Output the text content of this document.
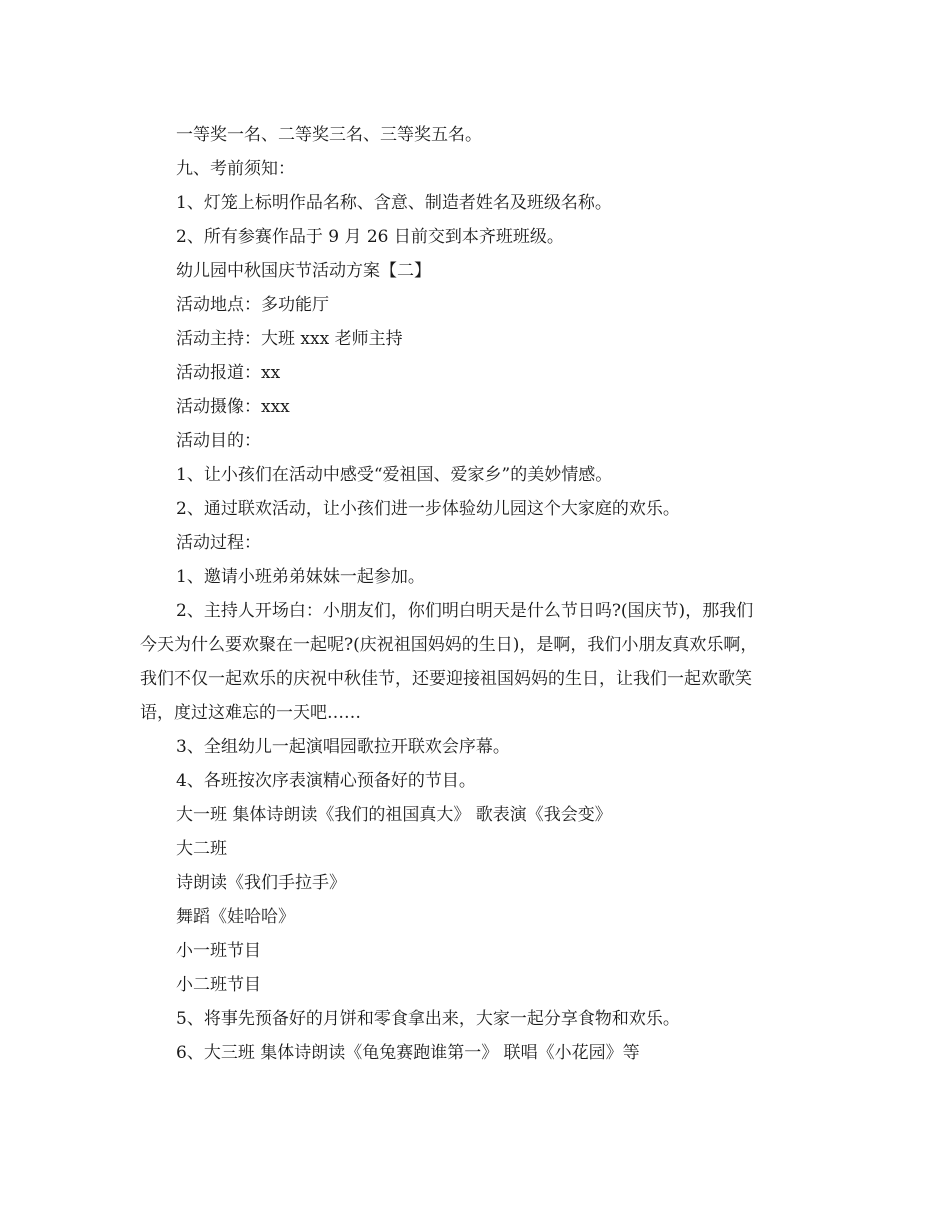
一等奖一名、二等奖三名、三等奖五名。

九、考前须知：

1、灯笼上标明作品名称、含意、制造者姓名及班级名称。

2、所有参赛作品于 9 月 26 日前交到本齐班班级。

幼儿园中秋国庆节活动方案【二】

活动地点：多功能厅

活动主持：大班 xxx 老师主持

活动报道：xx

活动摄像：xxx

活动目的：

1、让小孩们在活动中感受“爱祖国、爱家乡”的美妙情感。

2、通过联欢活动，让小孩们进一步体验幼儿园这个大家庭的欢乐。

活动过程：

1、邀请小班弟弟妹妹一起参加。

2、主持人开场白：小朋友们，你们明白明天是什么节日吗?(国庆节)，那我们

今天为什么要欢聚在一起呢?(庆祝祖国妈妈的生日)，是啊，我们小朋友真欢乐啊，

我们不仅一起欢乐的庆祝中秋佳节，还要迎接祖国妈妈的生日，让我们一起欢歌笑

语，度过这难忘的一天吧……

3、全组幼儿一起演唱园歌拉开联欢会序幕。

4、各班按次序表演精心预备好的节目。

大一班 集体诗朗读《我们的祖国真大》 歌表演《我会变》

大二班

诗朗读《我们手拉手》

舞蹈《娃哈哈》

小一班节目

小二班节目

5、将事先预备好的月饼和零食拿出来，大家一起分享食物和欢乐。

6、大三班 集体诗朗读《龟兔赛跑谁第一》 联唱《小花园》等
